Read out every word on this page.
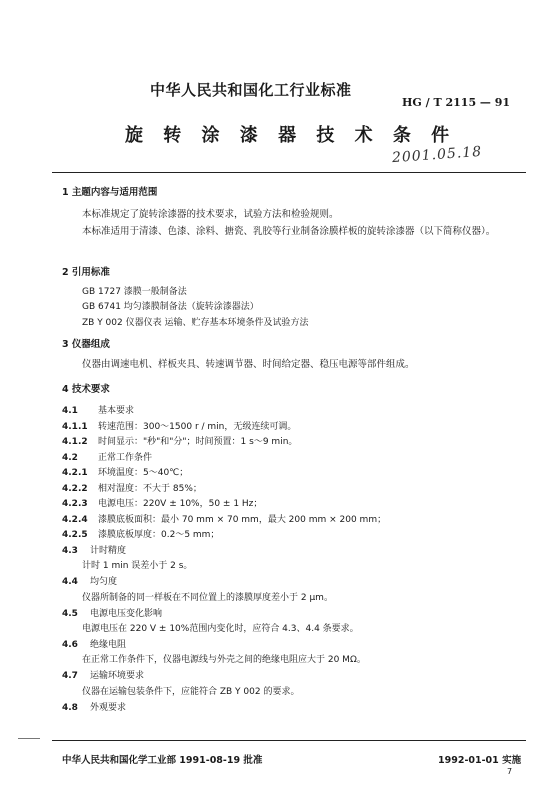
中华人民共和国化工行业标准
HG / T 2115 — 91
旋 转 涂 漆 器 技 术 条 件
2001.05.18
1 主题内容与适用范围
本标准规定了旋转涂漆器的技术要求，试验方法和检验规则。
本标准适用于清漆、色漆、涂料、搪瓷、乳胶等行业制备涂膜样板的旋转涂漆器（以下简称仪器）。
2 引用标准
GB 1727 漆膜一般制备法
GB 6741 均匀漆膜制备法（旋转涂漆器法）
ZB Y 002 仪器仪表 运输、贮存基本环境条件及试验方法
3 仪器组成
仪器由调速电机、样板夹具、转速调节器、时间给定器、稳压电源等部件组成。
4 技术要求
4.1 基本要求
4.1.1 转速范围：300～1500 r / min，无级连续可调。
4.1.2 时间显示："秒"和"分"；时间预置：1 s～9 min。
4.2 正常工作条件
4.2.1 环境温度：5～40℃；
4.2.2 相对湿度：不大于 85%；
4.2.3 电源电压：220V ± 10%，50 ± 1 Hz；
4.2.4 漆膜底板面积：最小 70 mm × 70 mm，最大 200 mm × 200 mm；
4.2.5 漆膜底板厚度：0.2～5 mm；
4.3 计时精度
计时 1 min 误差小于 2 s。
4.4 均匀度
仪器所制备的同一样板在不同位置上的漆膜厚度差小于 2 μm。
4.5 电源电压变化影响
电源电压在 220 V ± 10%范围内变化时，应符合 4.3、4.4 条要求。
4.6 绝缘电阻
在正常工作条件下，仪器电源线与外壳之间的绝缘电阻应大于 20 MΩ。
4.7 运输环境要求
仪器在运输包装条件下，应能符合 ZB Y 002 的要求。
4.8 外观要求
中华人民共和国化学工业部 1991-08-19 批准	1992-01-01 实施
7
